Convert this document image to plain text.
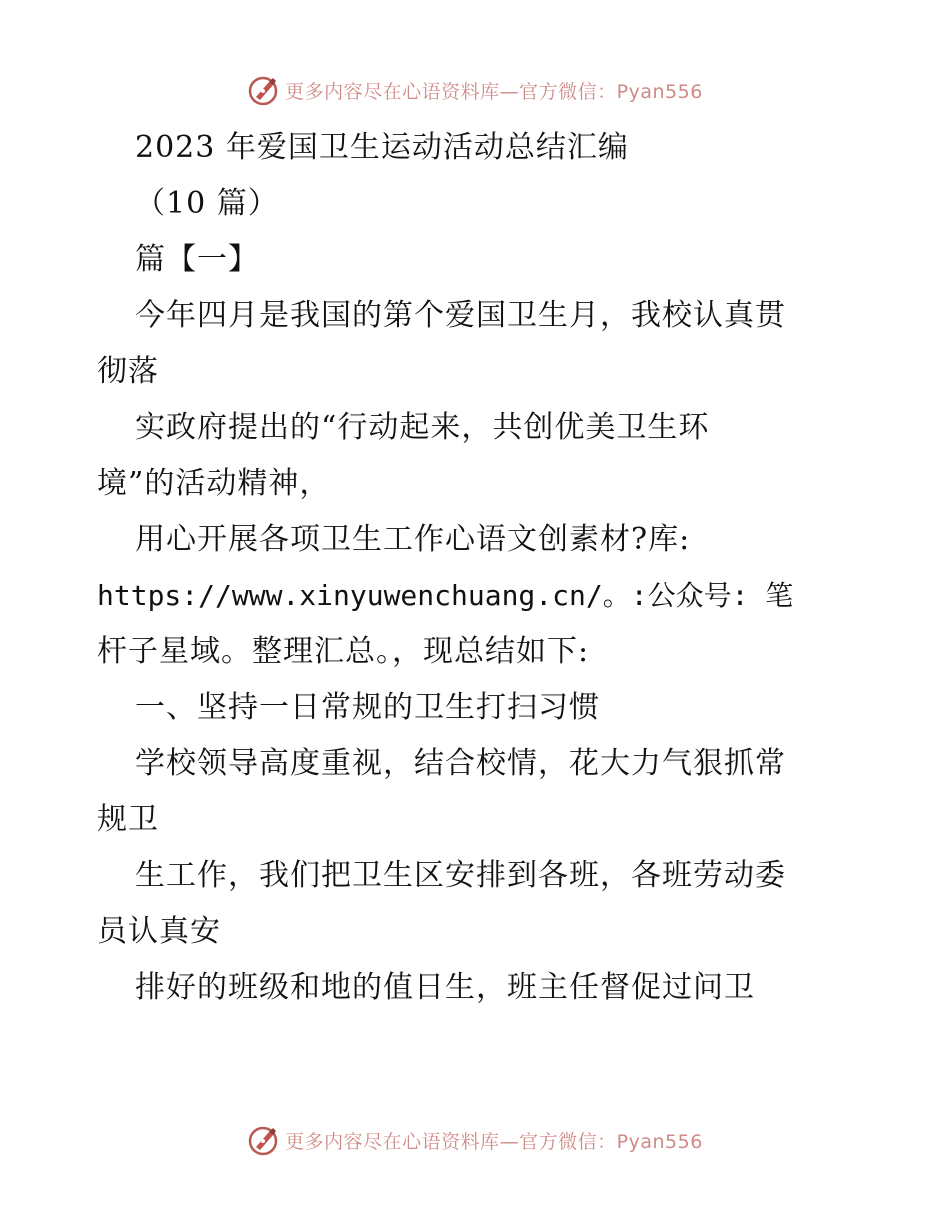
更多内容尽在心语资料库—官方微信：Pyan556
2023 年爱国卫生运动活动总结汇编
（10 篇）
篇【一】
今年四月是我国的第个爱国卫生月，我校认真贯
彻落
实政府提出的“行动起来，共创优美卫生环
境”的活动精神，
用心开展各项卫生工作心语文创素材?库:
https://www.xinyuwenchuang.cn/。:公众号: 笔
杆子星域。整理汇总。，现总结如下:
一、坚持一日常规的卫生打扫习惯
学校领导高度重视，结合校情，花大力气狠抓常
规卫
生工作，我们把卫生区安排到各班，各班劳动委
员认真安
排好的班级和地的值日生，班主任督促过问卫
更多内容尽在心语资料库—官方微信：Pyan556
